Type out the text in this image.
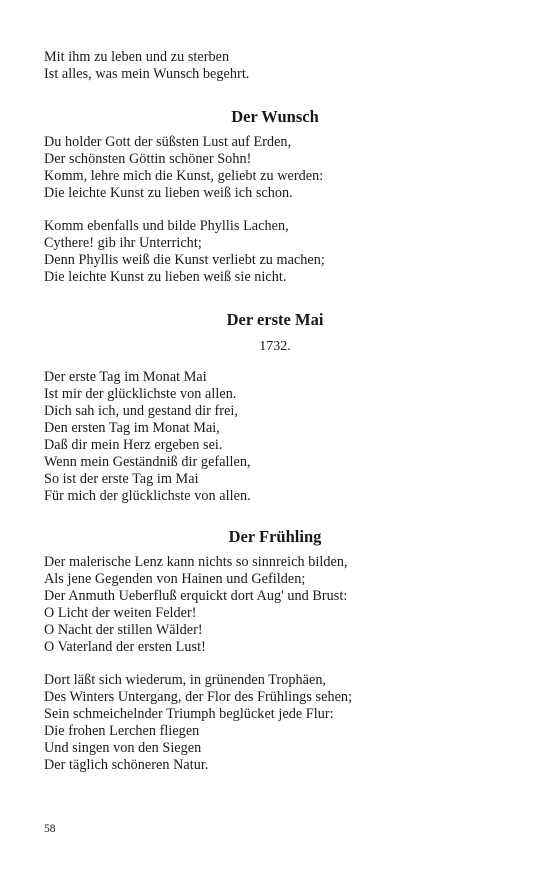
Mit ihm zu leben und zu sterben
Ist alles, was mein Wunsch begehrt.
Der Wunsch
Du holder Gott der süßsten Lust auf Erden,
Der schönsten Göttin schöner Sohn!
Komm, lehre mich die Kunst, geliebt zu werden:
Die leichte Kunst zu lieben weiß ich schon.
Komm ebenfalls und bilde Phyllis Lachen,
Cythere! gib ihr Unterricht;
Denn Phyllis weiß die Kunst verliebt zu machen;
Die leichte Kunst zu lieben weiß sie nicht.
Der erste Mai
1732.
Der erste Tag im Monat Mai
Ist mir der glücklichste von allen.
Dich sah ich, und gestand dir frei,
Den ersten Tag im Monat Mai,
Daß dir mein Herz ergeben sei.
Wenn mein Geständniß dir gefallen,
So ist der erste Tag im Mai
Für mich der glücklichste von allen.
Der Frühling
Der malerische Lenz kann nichts so sinnreich bilden,
Als jene Gegenden von Hainen und Gefilden;
Der Anmuth Ueberfluß erquickt dort Aug' und Brust:
O Licht der weiten Felder!
O Nacht der stillen Wälder!
O Vaterland der ersten Lust!
Dort läßt sich wiederum, in grünenden Trophäen,
Des Winters Untergang, der Flor des Frühlings sehen;
Sein schmeichelnder Triumph beglücket jede Flur:
Die frohen Lerchen fliegen
Und singen von den Siegen
Der täglich schöneren Natur.
58
